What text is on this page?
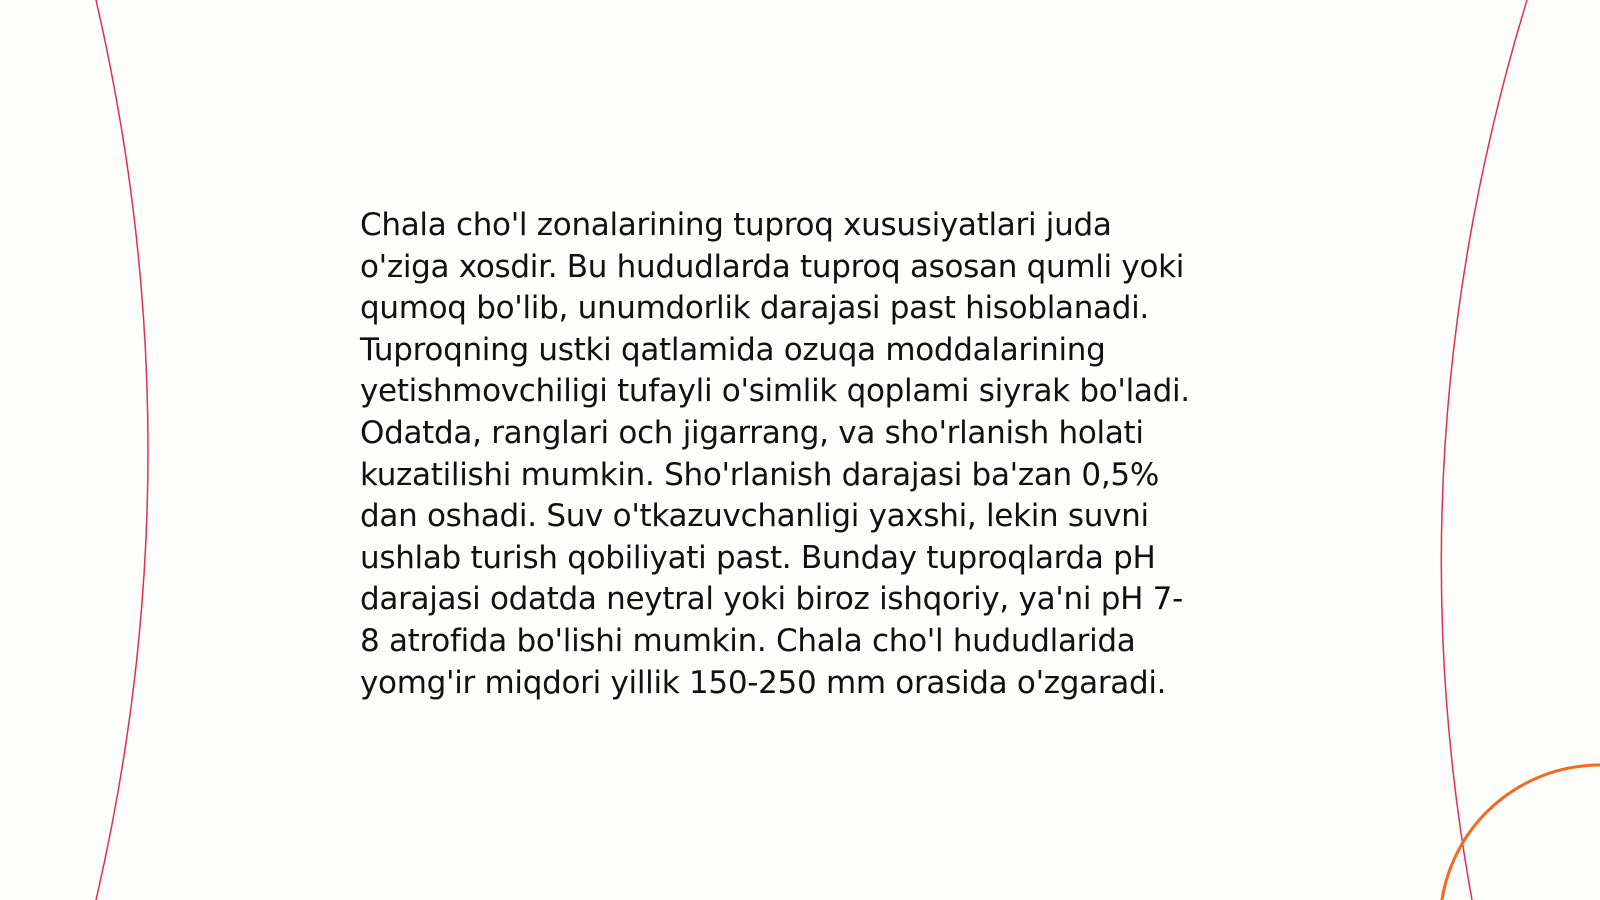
Chala cho'l zonalarining tuproq xususiyatlari juda
o'ziga xosdir. Bu hududlarda tuproq asosan qumli yoki
qumoq bo'lib, unumdorlik darajasi past hisoblanadi.
Tuproqning ustki qatlamida ozuqa moddalarining
yetishmovchiligi tufayli o'simlik qoplami siyrak bo'ladi.
Odatda, ranglari och jigarrang, va sho'rlanish holati
kuzatilishi mumkin. Sho'rlanish darajasi ba'zan 0,5%
dan oshadi. Suv o'tkazuvchanligi yaxshi, lekin suvni
ushlab turish qobiliyati past. Bunday tuproqlarda pH
darajasi odatda neytral yoki biroz ishqoriy, ya'ni pH 7-
8 atrofida bo'lishi mumkin. Chala cho'l hududlarida
yomg'ir miqdori yillik 150-250 mm orasida o'zgaradi.
